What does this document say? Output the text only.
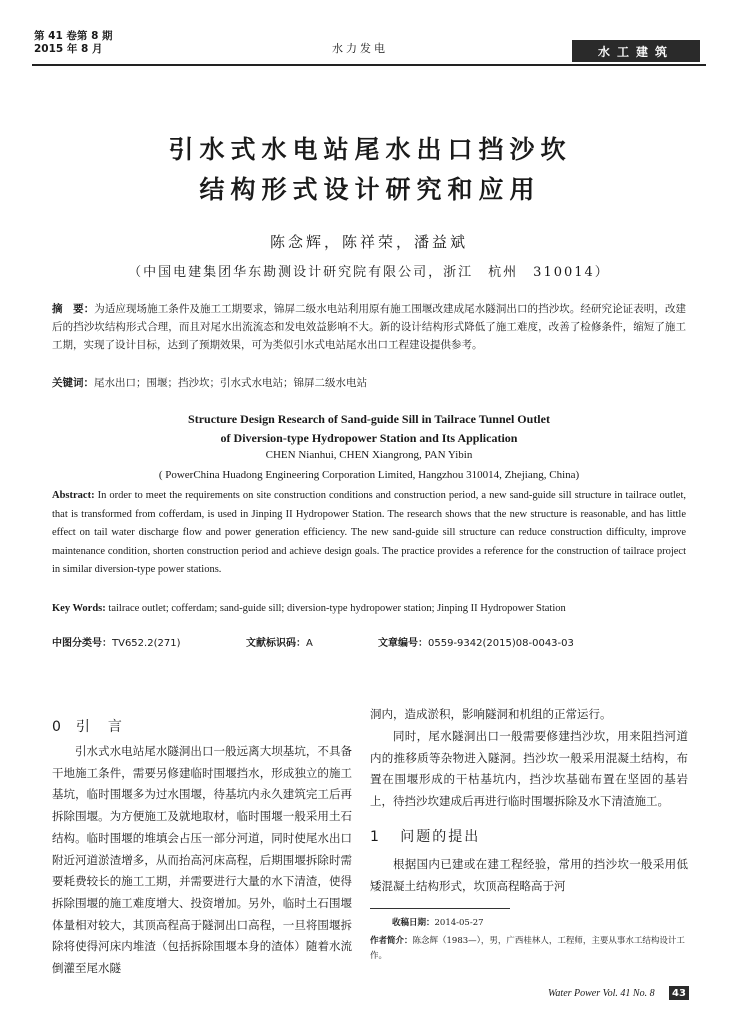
第 41 卷第 8 期
2015 年 8 月	水力发电	水工建筑
引水式水电站尾水出口挡沙坎
结构形式设计研究和应用
陈念辉，陈祥荣，潘益斌
（中国电建集团华东勘测设计研究院有限公司，浙江　杭州　310014）
摘　要：为适应现场施工条件及施工工期要求，锦屏二级水电站利用原有施工围堰改建成尾水隧洞出口的挡沙坎。经研究论证表明，改建后的挡沙坎结构形式合理，而且对尾水出流流态和发电效益影响不大。新的设计结构形式降低了施工难度，改善了检修条件，缩短了施工工期，实现了设计目标，达到了预期效果，可为类似引水式电站尾水出口工程建设提供参考。
关键词：尾水出口；围堰；挡沙坎；引水式水电站；锦屏二级水电站
Structure Design Research of Sand-guide Sill in Tailrace Tunnel Outlet
of Diversion-type Hydropower Station and Its Application
CHEN Nianhui, CHEN Xiangrong, PAN Yibin
( PowerChina Huadong Engineering Corporation Limited, Hangzhou 310014, Zhejiang, China)
Abstract: In order to meet the requirements on site construction conditions and construction period, a new sand-guide sill structure in tailrace outlet, that is transformed from cofferdam, is used in Jinping II Hydropower Station. The research shows that the new structure is reasonable, and has little effect on tail water discharge flow and power generation efficiency. The new sand-guide sill structure can reduce construction difficulty, improve maintenance condition, shorten construction period and achieve design goals. The practice provides a reference for the construction of tailrace project in similar diversion-type power stations.
Key Words: tailrace outlet; cofferdam; sand-guide sill; diversion-type hydropower station; Jinping II Hydropower Station
中图分类号：TV652.2(271)	文献标识码：A	文章编号：0559-9342(2015)08-0043-03
0 引　言
引水式水电站尾水隧洞出口一般远离大坝基坑，不具备干地施工条件，需要另修建临时围堰挡水，形成独立的施工基坑，临时围堰多为过水围堰，待基坑内永久建筑完工后再拆除围堰。为方便施工及就地取材，临时围堰一般采用土石结构。临时围堰的堆填会占压一部分河道，同时使尾水出口附近河道淤渣增多，从而抬高河床高程，后期围堰拆除时需要耗费较长的施工工期，并需要进行大量的水下清渣，使得拆除围堰的施工难度增大、投资增加。另外，临时土石围堰体量相对较大，其顶高程高于隧洞出口高程，一旦将围堰拆除将使得河床内堆渣（包括拆除围堰本身的渣体）随着水流倒灌至尾水隧
洞内，造成淤积，影响隧洞和机组的正常运行。
同时，尾水隧洞出口一般需要修建挡沙坎，用来阻挡河道内的推移质等杂物进入隧洞。挡沙坎一般采用混凝土结构，布置在围堰形成的干枯基坑内，挡沙坎基础布置在坚固的基岩上，待挡沙坎建成后再进行临时围堰拆除及水下清渣施工。
1 问题的提出
根据国内已建或在建工程经验，常用的挡沙坎一般采用低矮混凝土结构形式，坎顶高程略高于河
收稿日期：2014-05-27
作者简介：陈念辉（1983—），男，广西桂林人，工程师，主要从事水工结构设计工作。
Water Power Vol. 41 No. 8	43
